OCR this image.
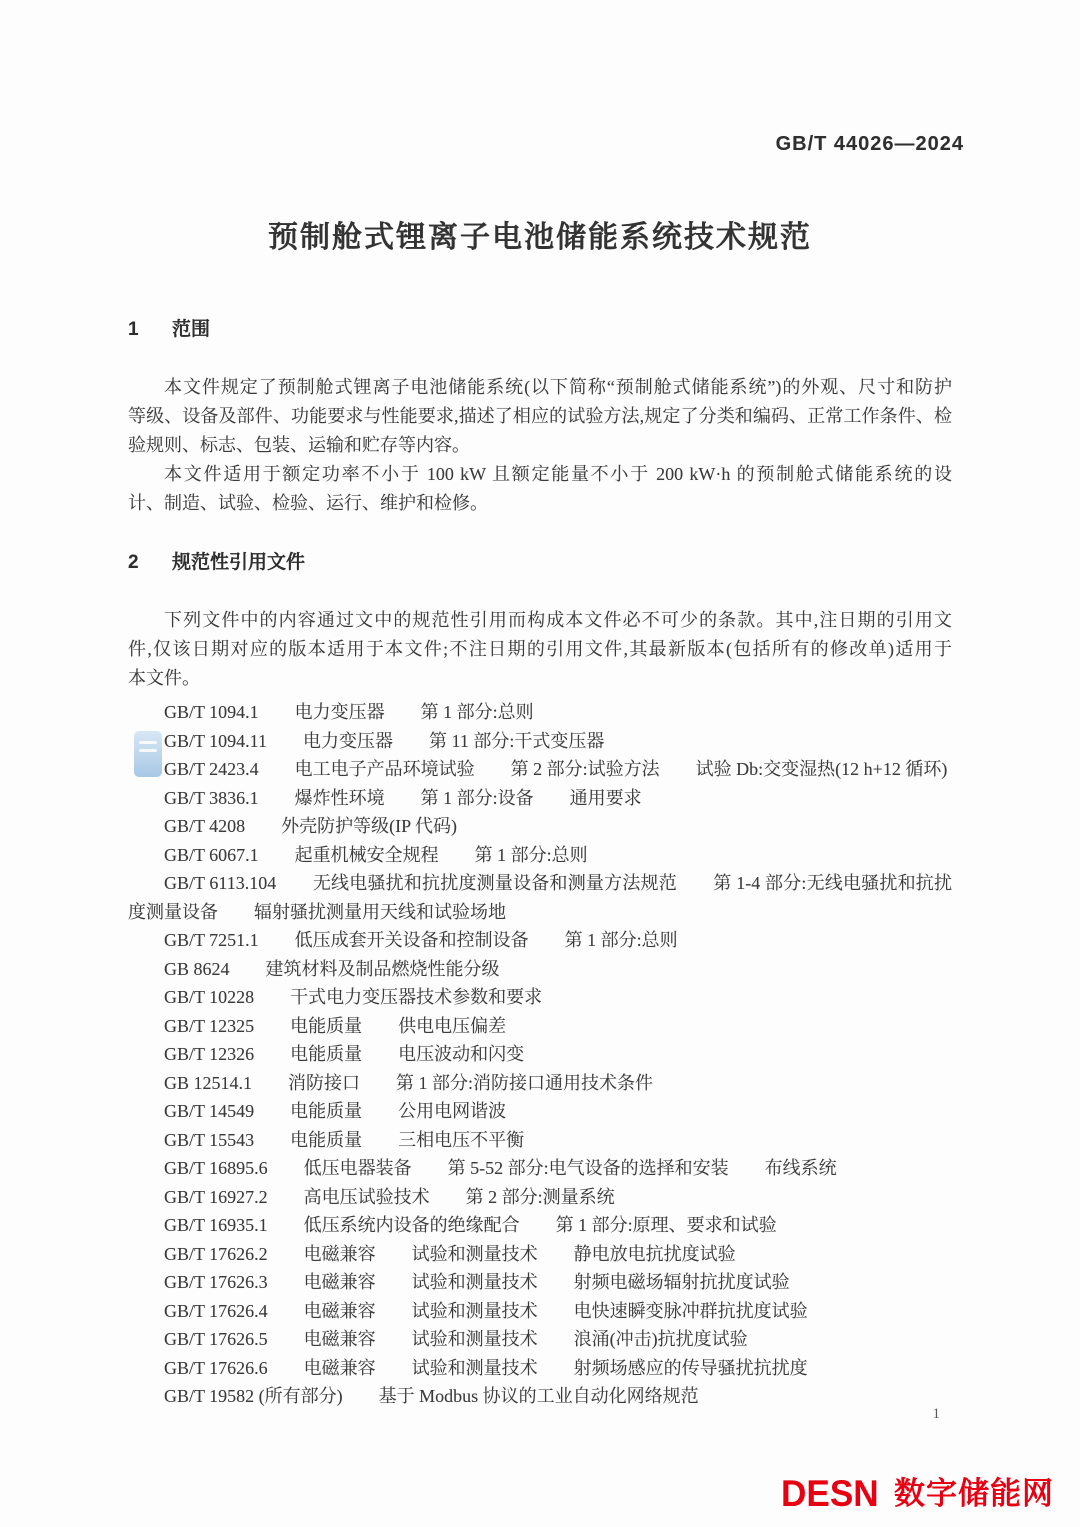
GB/T 44026—2024
预制舱式锂离子电池储能系统技术规范
1 范围
本文件规定了预制舱式锂离子电池储能系统(以下简称“预制舱式储能系统”)的外观、尺寸和防护
等级、设备及部件、功能要求与性能要求,描述了相应的试验方法,规定了分类和编码、正常工作条件、检
验规则、标志、包装、运输和贮存等内容。
本文件适用于额定功率不小于 100 kW 且额定能量不小于 200 kW·h 的预制舱式储能系统的设
计、制造、试验、检验、运行、维护和检修。
2 规范性引用文件
下列文件中的内容通过文中的规范性引用而构成本文件必不可少的条款。其中,注日期的引用文
件,仅该日期对应的版本适用于本文件;不注日期的引用文件,其最新版本(包括所有的修改单)适用于
本文件。

GB/T 1094.1　　电力变压器　　第 1 部分:总则

GB/T 1094.11　　电力变压器　　第 11 部分:干式变压器

GB/T 2423.4　　电工电子产品环境试验　　第 2 部分:试验方法　　试验 Db:交变湿热(12 h+12 循环)

GB/T 3836.1　　爆炸性环境　　第 1 部分:设备　　通用要求

GB/T 4208　　外壳防护等级(IP 代码)

GB/T 6067.1　　起重机械安全规程　　第 1 部分:总则

GB/T 6113.104　　无线电骚扰和抗扰度测量设备和测量方法规范　　第 1-4 部分:无线电骚扰和抗扰
度测量设备　　辐射骚扰测量用天线和试验场地

GB/T 7251.1　　低压成套开关设备和控制设备　　第 1 部分:总则

GB 8624　　建筑材料及制品燃烧性能分级

GB/T 10228　　干式电力变压器技术参数和要求

GB/T 12325　　电能质量　　供电电压偏差

GB/T 12326　　电能质量　　电压波动和闪变

GB 12514.1　　消防接口　　第 1 部分:消防接口通用技术条件

GB/T 14549　　电能质量　　公用电网谐波

GB/T 15543　　电能质量　　三相电压不平衡

GB/T 16895.6　　低压电器装备　　第 5-52 部分:电气设备的选择和安装　　布线系统

GB/T 16927.2　　高电压试验技术　　第 2 部分:测量系统

GB/T 16935.1　　低压系统内设备的绝缘配合　　第 1 部分:原理、要求和试验

GB/T 17626.2　　电磁兼容　　试验和测量技术　　静电放电抗扰度试验

GB/T 17626.3　　电磁兼容　　试验和测量技术　　射频电磁场辐射抗扰度试验

GB/T 17626.4　　电磁兼容　　试验和测量技术　　电快速瞬变脉冲群抗扰度试验

GB/T 17626.5　　电磁兼容　　试验和测量技术　　浪涌(冲击)抗扰度试验

GB/T 17626.6　　电磁兼容　　试验和测量技术　　射频场感应的传导骚扰抗扰度

GB/T 19582 (所有部分)　　基于 Modbus 协议的工业自动化网络规范

1
DESN 数字储能网
